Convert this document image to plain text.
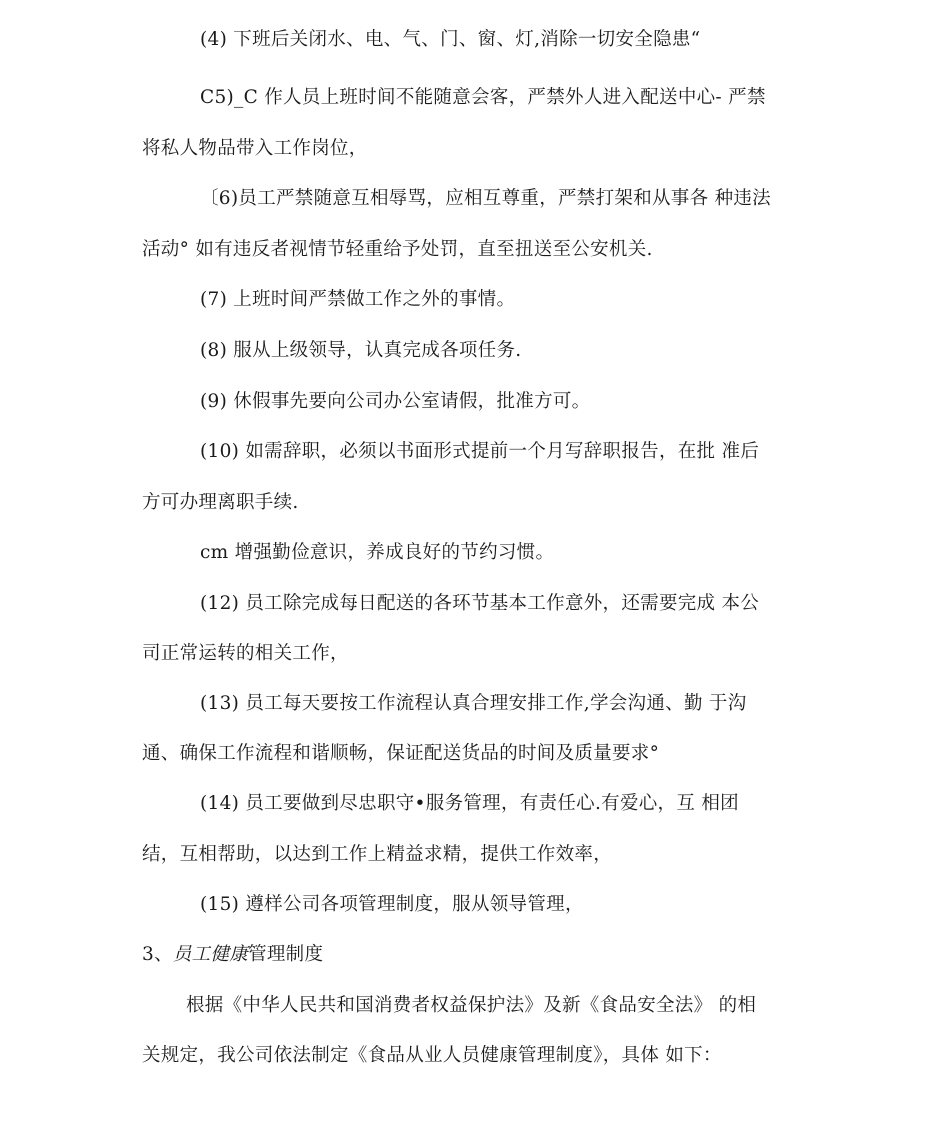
(4) 下班后关闭水、电、气、门、窗、灯,消除一切安全隐患“
C5)_C 作人员上班时间不能随意会客，严禁外人进入配送中心- 严禁
将私人物品带入工作岗位，
〔6)员工严禁随意互相辱骂，应相互尊重，严禁打架和从事各 种违法
活动° 如有违反者视情节轻重给予处罚，直至扭送至公安机关.
(7) 上班时间严禁做工作之外的事情。
(8) 服从上级领导，认真完成各项任务.
(9) 休假事先要向公司办公室请假，批准方可。
(10) 如需辞职，必须以书面形式提前一个月写辞职报告，在批 准后
方可办理离职手续.
cm 增强勤俭意识，养成良好的节约习惯。
(12) 员工除完成每日配送的各环节基本工作意外，还需要完成 本公
司正常运转的相关工作，
(13) 员工每天要按工作流程认真合理安排工作,学会沟通、勤 于沟
通、确保工作流程和谐顺畅，保证配送货品的时间及质量要求°
(14) 员工要做到尽忠职守•服务管理，有责任心.有爱心，互 相团
结，互相帮助，以达到工作上精益求精，提供工作效率，
(15) 遵样公司各项管理制度，服从领导管理，
3、员工健康管理制度
根据《中华人民共和国消费者权益保护法》及新《食品安全法》 的相
关规定，我公司依法制定《食品从业人员健康管理制度》，具体 如下：
